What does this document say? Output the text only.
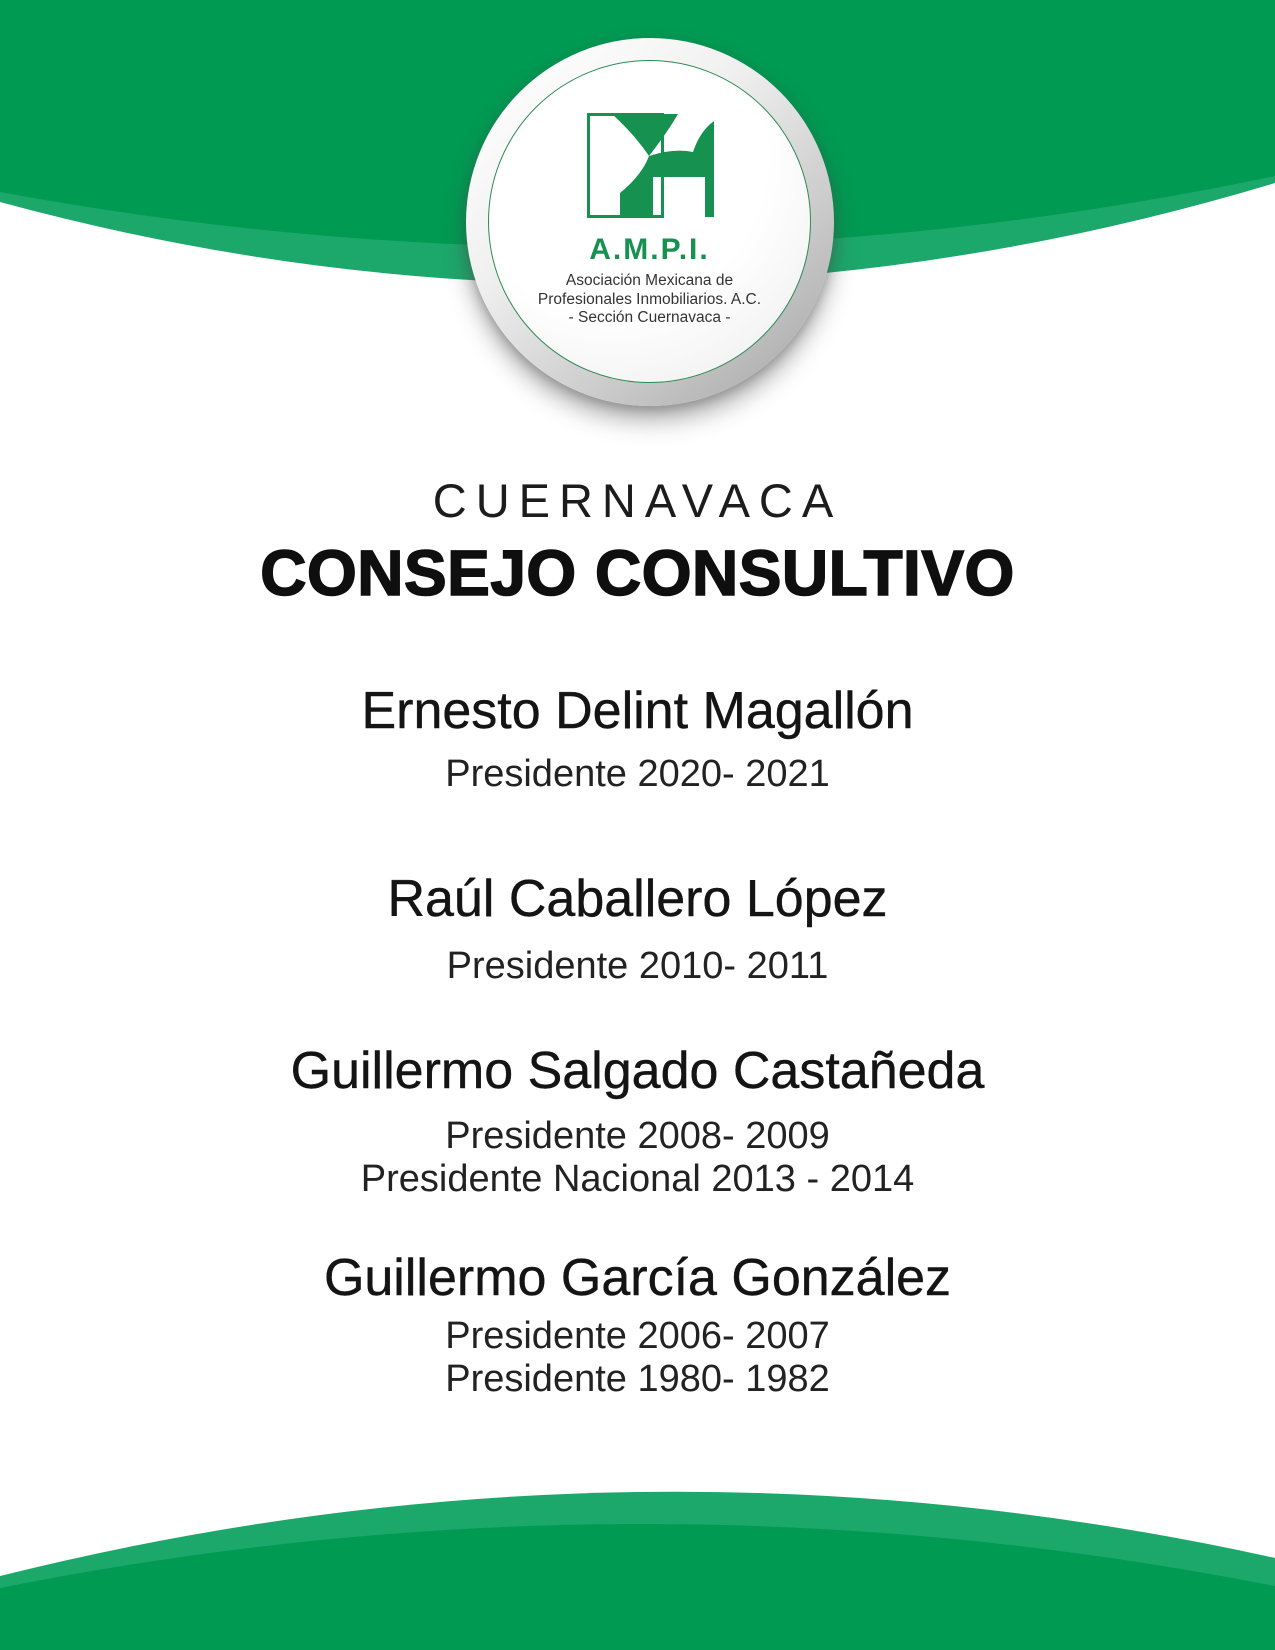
A.M.P.I.
Asociación Mexicana de
Profesionales Inmobiliarios. A.C.
- Sección Cuernavaca -
CUERNAVACA
CONSEJO CONSULTIVO
Ernesto Delint Magallón
Presidente 2020- 2021
Raúl Caballero López
Presidente 2010- 2011
Guillermo Salgado Castañeda
Presidente 2008- 2009
Presidente Nacional 2013 - 2014
Guillermo García González
Presidente 2006- 2007
Presidente 1980- 1982
